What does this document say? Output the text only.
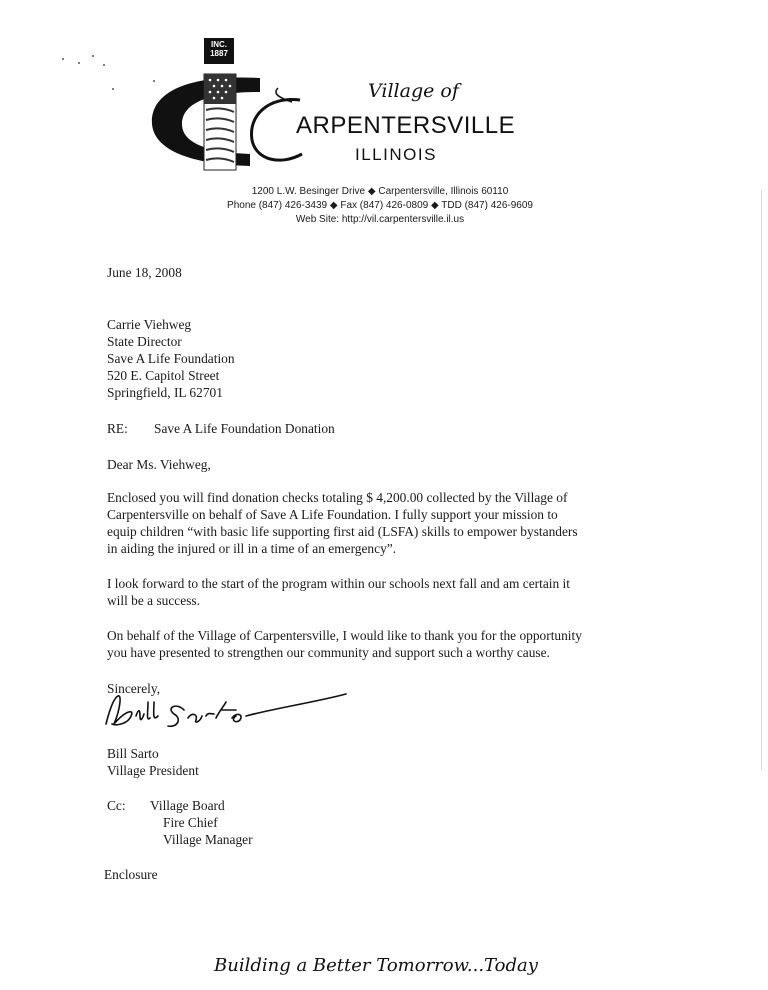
INC.
1887
Village of
ARPENTERSVILLE
ILLINOIS
1200 L.W. Besinger Drive ◆ Carpentersville, Illinois 60110
Phone (847) 426-3439 ◆ Fax (847) 426-0809 ◆ TDD (847) 426-9609
Web Site: http://vil.carpentersville.il.us
June 18, 2008
Carrie Viehweg
State Director
Save A Life Foundation
520 E. Capitol Street
Springfield, IL 62701
RE: Save A Life Foundation Donation
Dear Ms. Viehweg,
Enclosed you will find donation checks totaling $ 4,200.00 collected by the Village of
Carpentersville on behalf of Save A Life Foundation. I fully support your mission to
equip children “with basic life supporting first aid (LSFA) skills to empower bystanders
in aiding the injured or ill in a time of an emergency”.
I look forward to the start of the program within our schools next fall and am certain it
will be a success.
On behalf of the Village of Carpentersville, I would like to thank you for the opportunity
you have presented to strengthen our community and support such a worthy cause.
Sincerely,
Bill Sarto
Village President
Cc: Village Board
Fire Chief
Village Manager
Enclosure
Building a Better Tomorrow...Today
